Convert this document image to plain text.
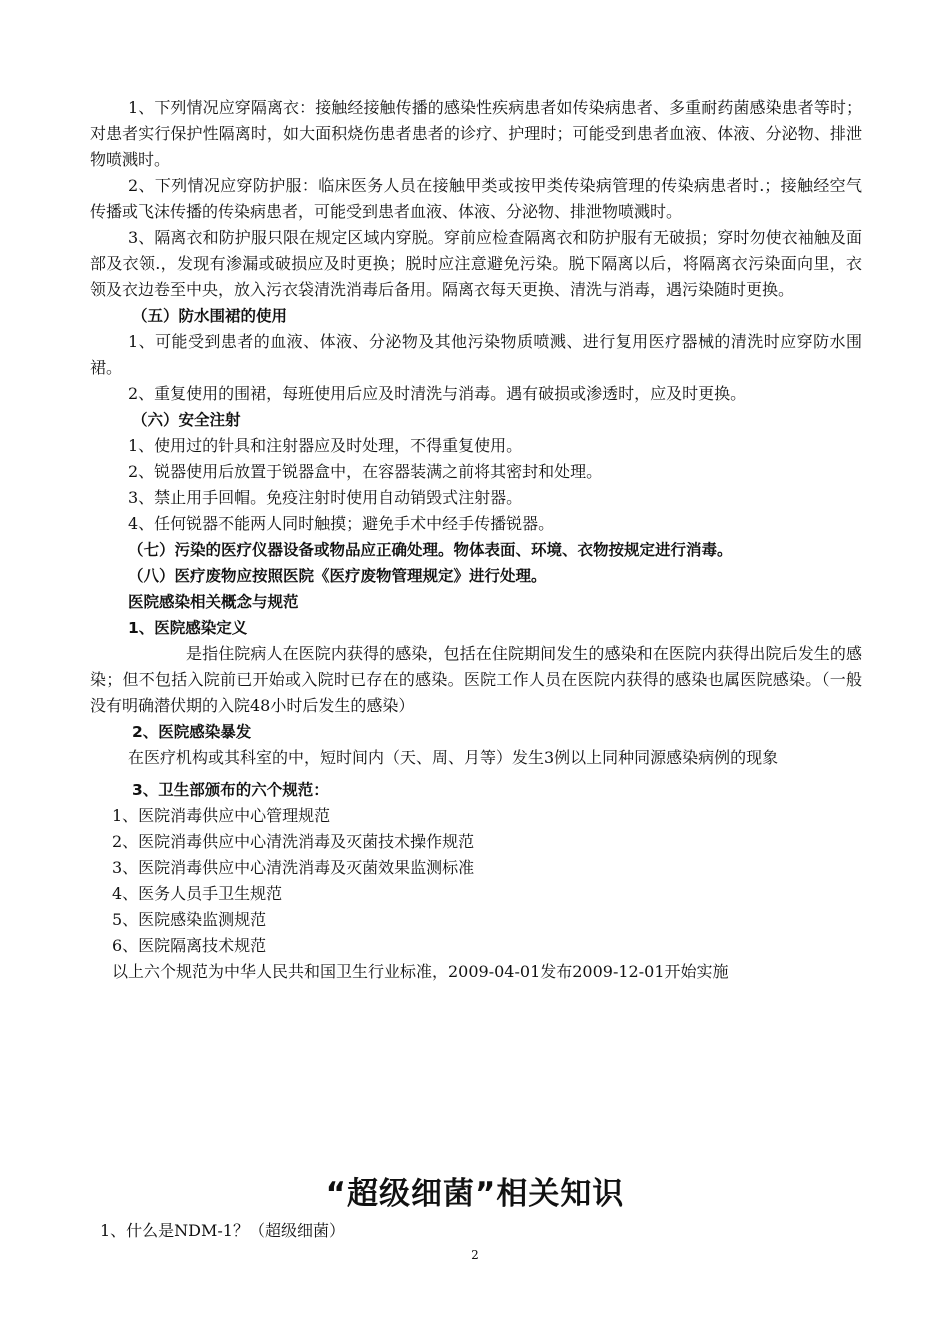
1、下列情况应穿隔离衣：接触经接触传播的感染性疾病患者如传染病患者、多重耐药菌感染患者等时；对患者实行保护性隔离时，如大面积烧伤患者患者的诊疗、护理时；可能受到患者血液、体液、分泌物、排泄物喷溅时。

2、下列情况应穿防护服：临床医务人员在接触甲类或按甲类传染病管理的传染病患者时.；接触经空气传播或飞沫传播的传染病患者，可能受到患者血液、体液、分泌物、排泄物喷溅时。

3、隔离衣和防护服只限在规定区域内穿脱。穿前应检查隔离衣和防护服有无破损；穿时勿使衣袖触及面部及衣领.，发现有渗漏或破损应及时更换；脱时应注意避免污染。脱下隔离以后，将隔离衣污染面向里，衣领及衣边卷至中央，放入污衣袋清洗消毒后备用。隔离衣每天更换、清洗与消毒，遇污染随时更换。

（五）防水围裙的使用

1、可能受到患者的血液、体液、分泌物及其他污染物质喷溅、进行复用医疗器械的清洗时应穿防水围裙。

2、重复使用的围裙，每班使用后应及时清洗与消毒。遇有破损或渗透时，应及时更换。

（六）安全注射

1、使用过的针具和注射器应及时处理，不得重复使用。

2、锐器使用后放置于锐器盒中，在容器装满之前将其密封和处理。

3、禁止用手回帽。免疫注射时使用自动销毁式注射器。

4、任何锐器不能两人同时触摸；避免手术中经手传播锐器。

（七）污染的医疗仪器设备或物品应正确处理。物体表面、环境、衣物按规定进行消毒。

（八）医疗废物应按照医院《医疗废物管理规定》进行处理。

医院感染相关概念与规范

1、医院感染定义

是指住院病人在医院内获得的感染，包括在住院期间发生的感染和在医院内获得出院后发生的感染；但不包括入院前已开始或入院时已存在的感染。医院工作人员在医院内获得的感染也属医院感染。（一般没有明确潜伏期的入院48小时后发生的感染）

2、医院感染暴发

在医疗机构或其科室的中，短时间内（天、周、月等）发生3例以上同种同源感染病例的现象

3、卫生部颁布的六个规范：

1、医院消毒供应中心管理规范

2、医院消毒供应中心清洗消毒及灭菌技术操作规范

3、医院消毒供应中心清洗消毒及灭菌效果监测标准

4、医务人员手卫生规范

5、医院感染监测规范

6、医院隔离技术规范

以上六个规范为中华人民共和国卫生行业标准，2009-04-01发布2009-12-01开始实施

“超级细菌”相关知识
1、什么是NDM-1？（超级细菌）
2
